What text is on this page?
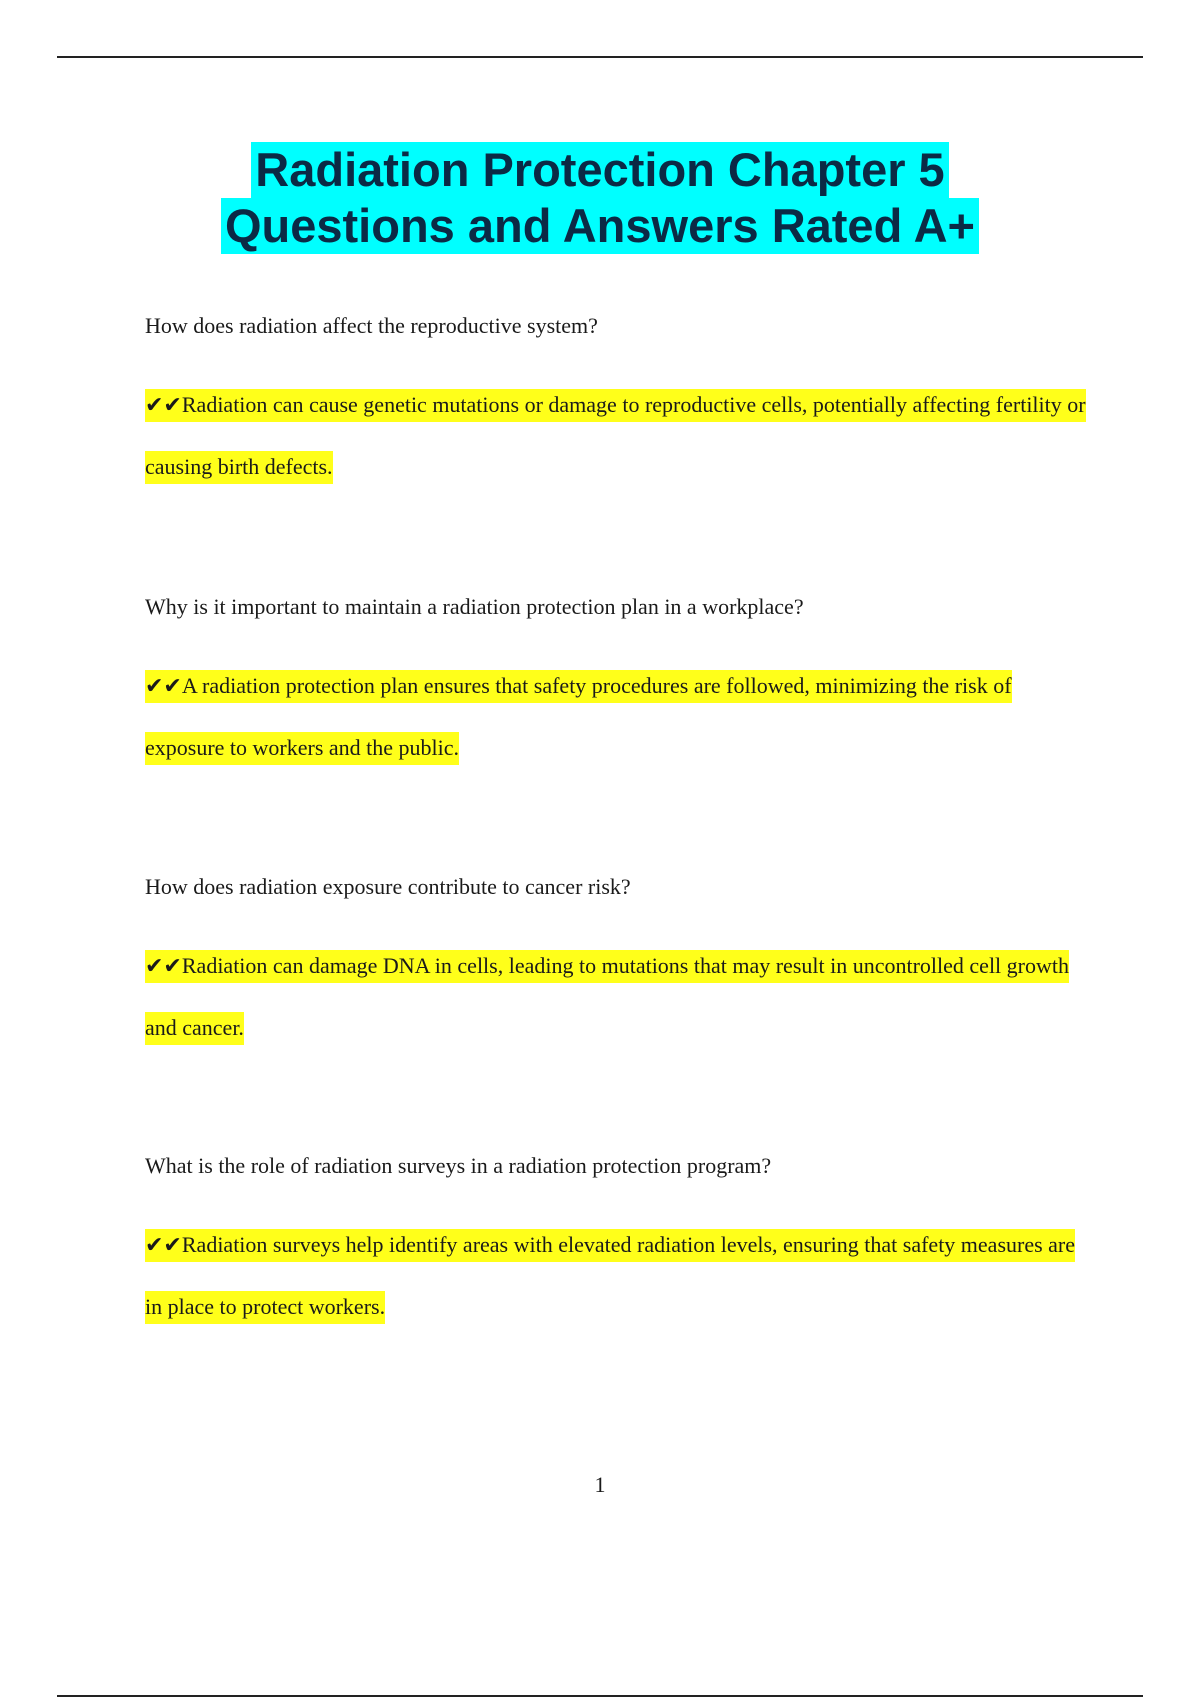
Radiation Protection Chapter 5
Questions and Answers Rated A+
How does radiation affect the reproductive system?
✔✔Radiation can cause genetic mutations or damage to reproductive cells, potentially affecting fertility or causing birth defects.
Why is it important to maintain a radiation protection plan in a workplace?
✔✔A radiation protection plan ensures that safety procedures are followed, minimizing the risk of exposure to workers and the public.
How does radiation exposure contribute to cancer risk?
✔✔Radiation can damage DNA in cells, leading to mutations that may result in uncontrolled cell growth and cancer.
What is the role of radiation surveys in a radiation protection program?
✔✔Radiation surveys help identify areas with elevated radiation levels, ensuring that safety measures are in place to protect workers.
1
